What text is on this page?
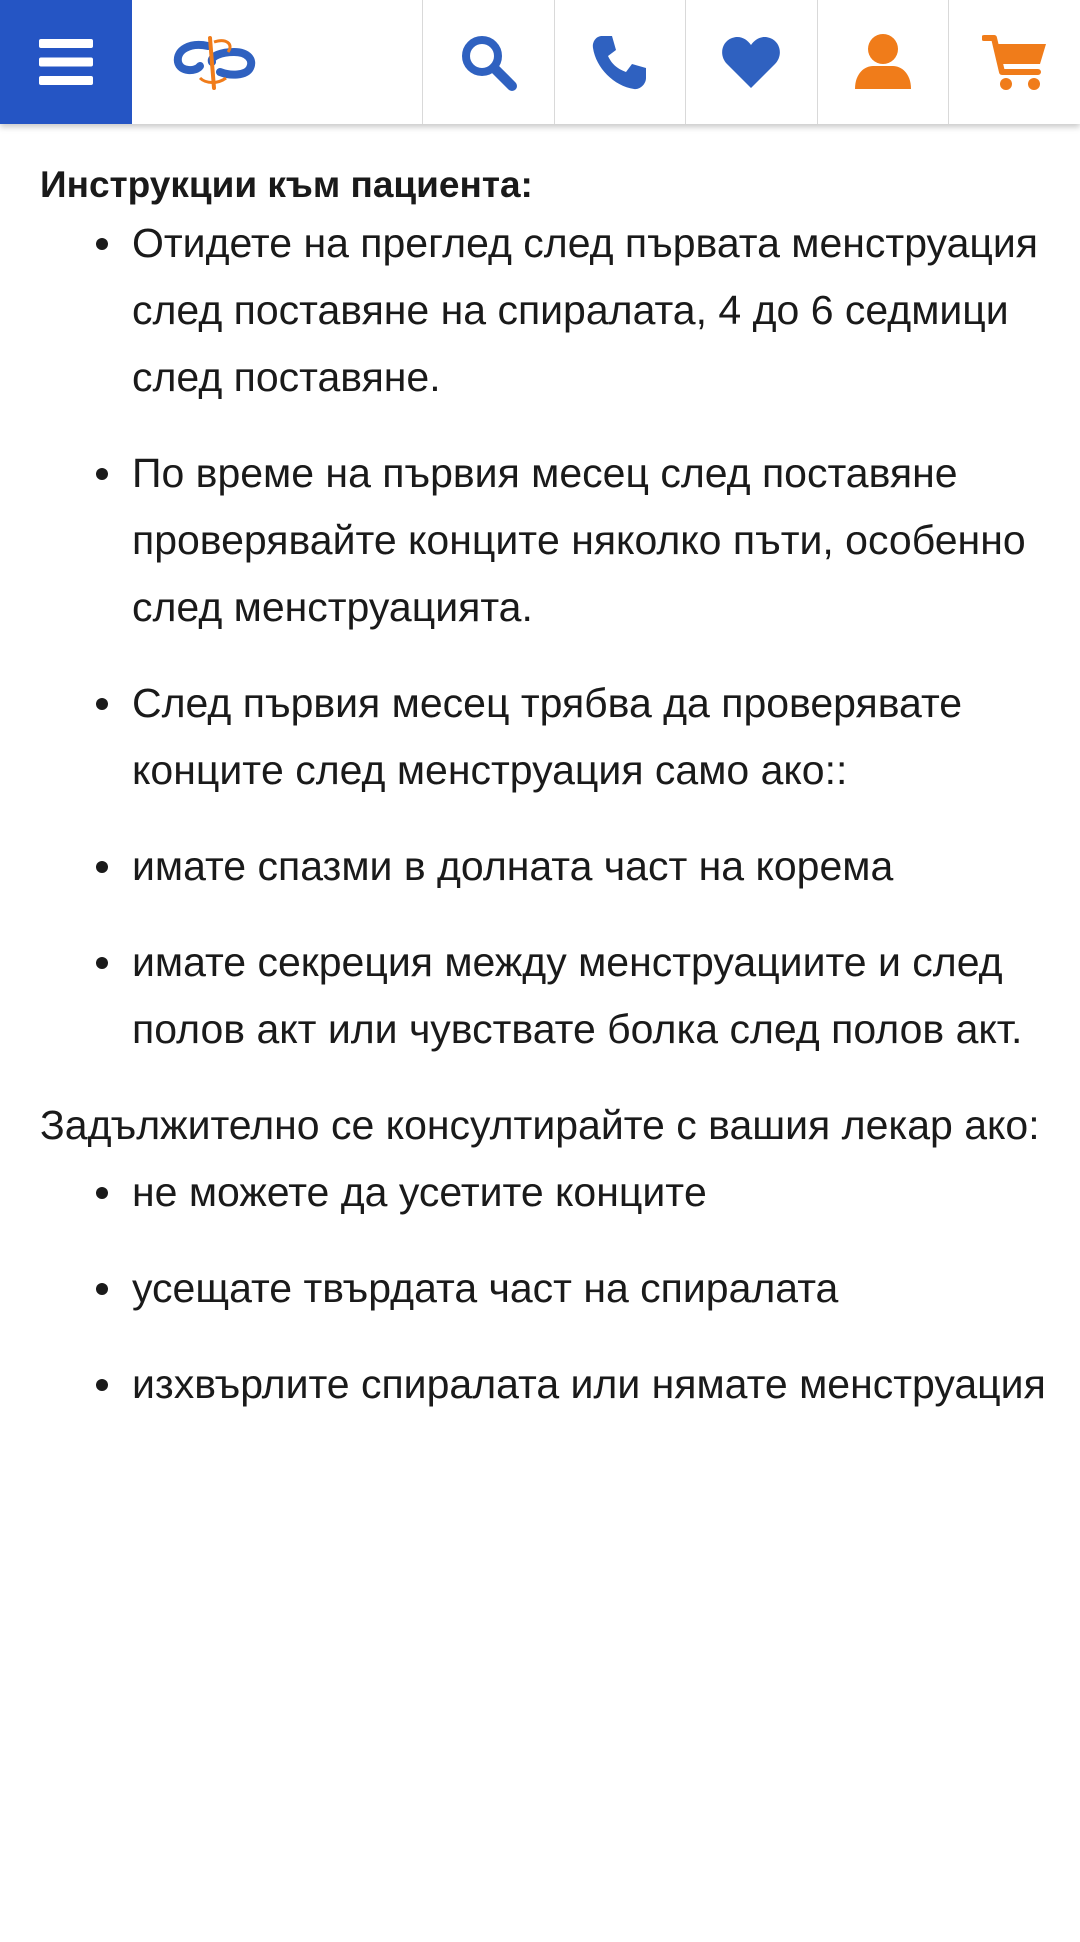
Инструкции към пациента:
Отидете на преглед след първата менструация след поставяне на спиралата, 4 до 6 седмици след поставяне.
По време на първия месец след поставяне проверявайте концитe няколко пъти, особенно след менструацията.
След първия месец трябва да проверявате концитe след менструация само ако::
имате спазми в долната част на корема
имате секреция между менструациите и след полов акт или чувствате болка след полов акт.

Задължително се консултирайте с вашия лекар ако:

не можете да усетите концитe
усещате твърдата част на спиралата
изхвърлите спиралата или нямате менструация
